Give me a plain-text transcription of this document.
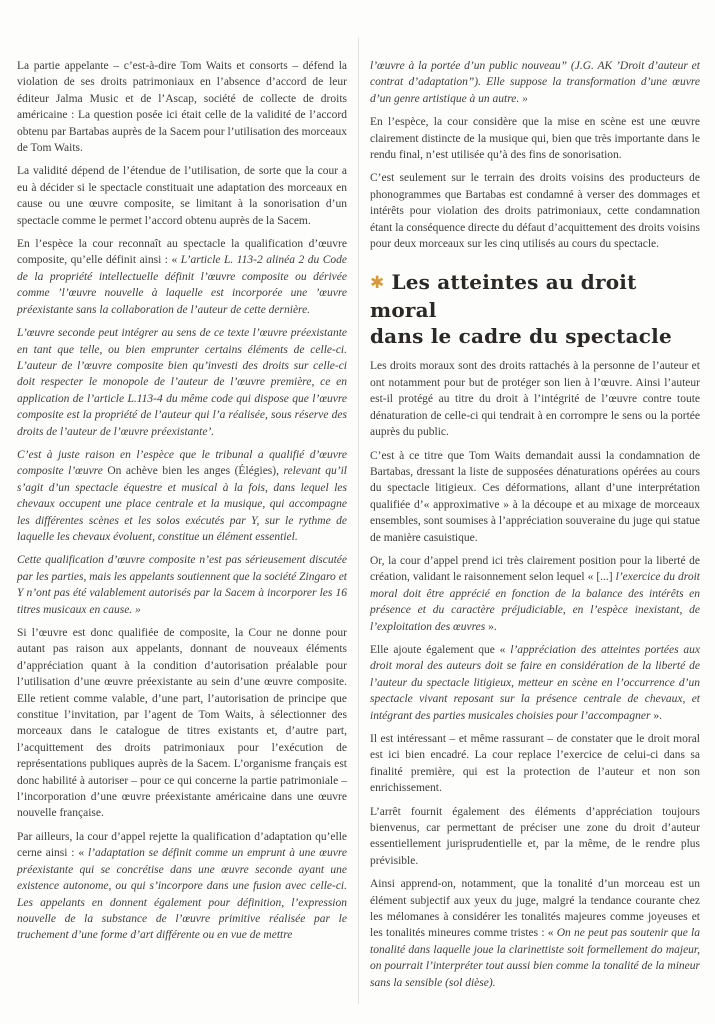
La partie appelante – c’est-à-dire Tom Waits et consorts – défend la violation de ses droits patrimoniaux en l’absence d’accord de leur éditeur Jalma Music et de l’Ascap, société de collecte de droits américaine : La question posée ici était celle de la validité de l’accord obtenu par Bartabas auprès de la Sacem pour l’utilisation des morceaux de Tom Waits.

La validité dépend de l’étendue de l’utilisation, de sorte que la cour a eu à décider si le spectacle constituait une adaptation des morceaux en cause ou une œuvre composite, se limitant à la sonorisation d’un spectacle comme le permet l’accord obtenu auprès de la Sacem.

En l’espèce la cour reconnaît au spectacle la qualification d’œuvre composite, qu’elle définit ainsi : « L’article L. 113-2 alinéa 2 du Code de la propriété intellectuelle définit l’œuvre composite ou dérivée comme ’l’œuvre nouvelle à laquelle est incorporée une ’œuvre préexistante sans la collaboration de l’auteur de cette dernière.

L’œuvre seconde peut intégrer au sens de ce texte l’œuvre préexistante en tant que telle, ou bien emprunter certains éléments de celle-ci. L’auteur de l’œuvre composite bien qu’investi des droits sur celle-ci doit respecter le monopole de l’auteur de l’œuvre première, ce en application de l’article L.113-4 du même code qui dispose que l’œuvre composite est la propriété de l’auteur qui l’a réalisée, sous réserve des droits de l’auteur de l’œuvre préexistante’.

C’est à juste raison en l’espèce que le tribunal a qualifié d’œuvre composite l’œuvre On achève bien les anges (Élégies), relevant qu’il s’agit d’un spectacle équestre et musical à la fois, dans lequel les chevaux occupent une place centrale et la musique, qui accompagne les différentes scènes et les solos exécutés par Y, sur le rythme de laquelle les chevaux évoluent, constitue un élément essentiel.

Cette qualification d’œuvre composite n’est pas sérieusement discutée par les parties, mais les appelants soutiennent que la société Zingaro et Y n’ont pas été valablement autorisés par la Sacem à incorporer les 16 titres musicaux en cause. »

Si l’œuvre est donc qualifiée de composite, la Cour ne donne pour autant pas raison aux appelants, donnant de nouveaux éléments d’appréciation quant à la condition d’autorisation préalable pour l’utilisation d’une œuvre préexistante au sein d’une œuvre composite. Elle retient comme valable, d’une part, l’autorisation de principe que constitue l’invitation, par l’agent de Tom Waits, à sélectionner des morceaux dans le catalogue de titres existants et, d’autre part, l’acquittement des droits patrimoniaux pour l’exécution de représentations publiques auprès de la Sacem. L’organisme français est donc habilité à autoriser – pour ce qui concerne la partie patrimoniale – l’incorporation d’une œuvre préexistante américaine dans une œuvre nouvelle française.

Par ailleurs, la cour d’appel rejette la qualification d’adaptation qu’elle cerne ainsi : « l’adaptation se définit comme un emprunt à une œuvre préexistante qui se concrétise dans une œuvre seconde ayant une existence autonome, ou qui s’incorpore dans une fusion avec celle-ci. Les appelants en donnent également pour définition, l’expression nouvelle de la substance de l’œuvre primitive réalisée par le truchement d’une forme d’art différente ou en vue de mettre

l’œuvre à la portée d’un public nouveau” (J.G. AK ’Droit d’auteur et contrat d’adaptation”). Elle suppose la transformation d’une œuvre d’un genre artistique à un autre. »

En l’espèce, la cour considère que la mise en scène est une œuvre clairement distincte de la musique qui, bien que très importante dans le rendu final, n’est utilisée qu’à des fins de sonorisation.

C’est seulement sur le terrain des droits voisins des producteurs de phonogrammes que Bartabas est condamné à verser des dommages et intérêts pour violation des droits patrimoniaux, cette condamnation étant la conséquence directe du défaut d’acquittement des droits voisins pour deux morceaux sur les cinq utilisés au cours du spectacle.

✱ Les atteintes au droit moral
dans le cadre du spectacle

Les droits moraux sont des droits rattachés à la personne de l’auteur et ont notamment pour but de protéger son lien à l’œuvre. Ainsi l’auteur est-il protégé au titre du droit à l’intégrité de l’œuvre contre toute dénaturation de celle-ci qui tendrait à en corrompre le sens ou la portée auprès du public.

C’est à ce titre que Tom Waits demandait aussi la condamnation de Bartabas, dressant la liste de supposées dénaturations opérées au cours du spectacle litigieux. Ces déformations, allant d’une interprétation qualifiée d’« approximative » à la découpe et au mixage de morceaux ensembles, sont soumises à l’appréciation souveraine du juge qui statue de manière casuistique.

Or, la cour d’appel prend ici très clairement position pour la liberté de création, validant le raisonnement selon lequel « [...] l’exercice du droit moral doit être apprécié en fonction de la balance des intérêts en présence et du caractère préjudiciable, en l’espèce inexistant, de l’exploitation des œuvres ».

Elle ajoute également que « l’appréciation des atteintes portées aux droit moral des auteurs doit se faire en considération de la liberté de l’auteur du spectacle litigieux, metteur en scène en l’occurrence d’un spectacle vivant reposant sur la présence centrale de chevaux, et intégrant des parties musicales choisies pour l’accompagner ».

Il est intéressant – et même rassurant – de constater que le droit moral est ici bien encadré. La cour replace l’exercice de celui-ci dans sa finalité première, qui est la protection de l’auteur et non son enrichissement.

L’arrêt fournit également des éléments d’appréciation toujours bienvenus, car permettant de préciser une zone du droit d’auteur essentiellement jurisprudentielle et, par la même, de le rendre plus prévisible.

Ainsi apprend-on, notamment, que la tonalité d’un morceau est un élément subjectif aux yeux du juge, malgré la tendance courante chez les mélomanes à considérer les tonalités majeures comme joyeuses et les tonalités mineures comme tristes : « On ne peut pas soutenir que la tonalité dans laquelle joue la clarinettiste soit formellement do majeur, on pourrait l’interpréter tout aussi bien comme la tonalité de la mineur sans la sensible (sol dièse).
